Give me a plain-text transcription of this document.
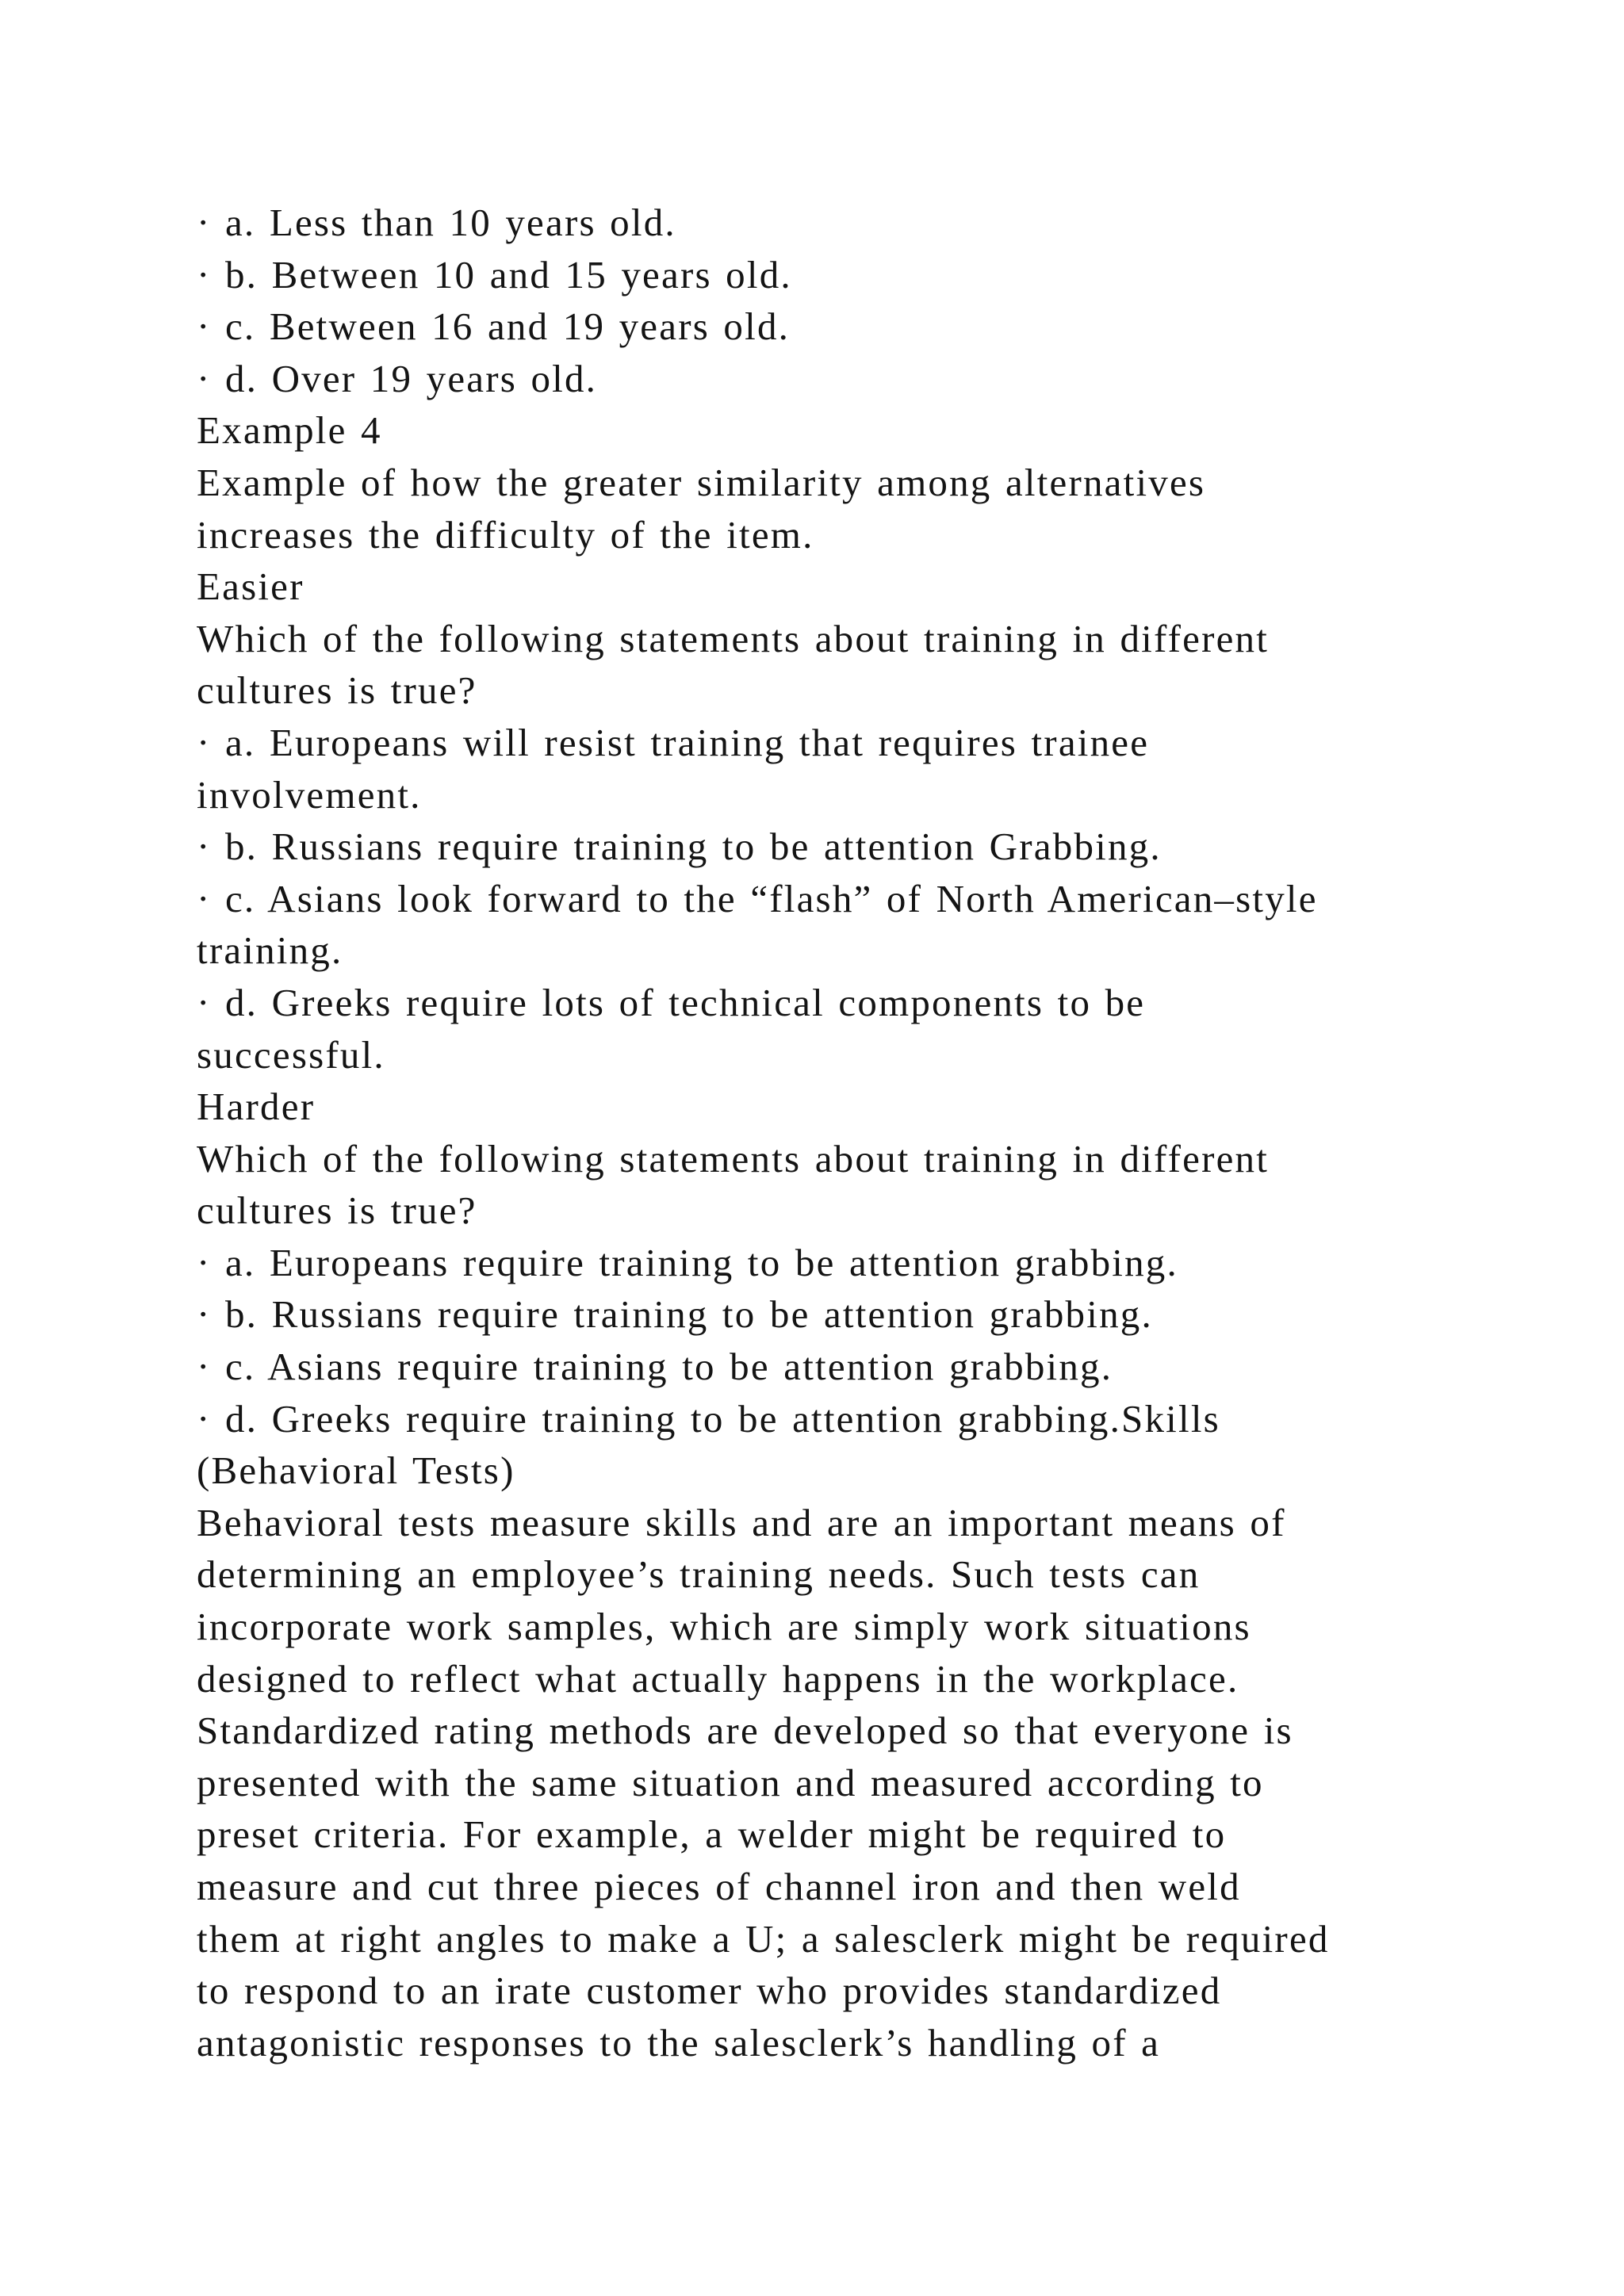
· a. Less than 10 years old.
· b. Between 10 and 15 years old.
· c. Between 16 and 19 years old.
· d. Over 19 years old.
Example 4
Example of how the greater similarity among alternatives
increases the difficulty of the item.
Easier
Which of the following statements about training in different
cultures is true?
· a. Europeans will resist training that requires trainee
involvement.
· b. Russians require training to be attention Grabbing.
· c. Asians look forward to the “flash” of North American–style
training.
· d. Greeks require lots of technical components to be
successful.
Harder
Which of the following statements about training in different
cultures is true?
· a. Europeans require training to be attention grabbing.
· b. Russians require training to be attention grabbing.
· c. Asians require training to be attention grabbing.
· d. Greeks require training to be attention grabbing.Skills
(Behavioral Tests)
Behavioral tests measure skills and are an important means of
determining an employee’s training needs. Such tests can
incorporate work samples, which are simply work situations
designed to reflect what actually happens in the workplace.
Standardized rating methods are developed so that everyone is
presented with the same situation and measured according to
preset criteria. For example, a welder might be required to
measure and cut three pieces of channel iron and then weld
them at right angles to make a U; a salesclerk might be required
to respond to an irate customer who provides standardized
antagonistic responses to the salesclerk’s handling of a
